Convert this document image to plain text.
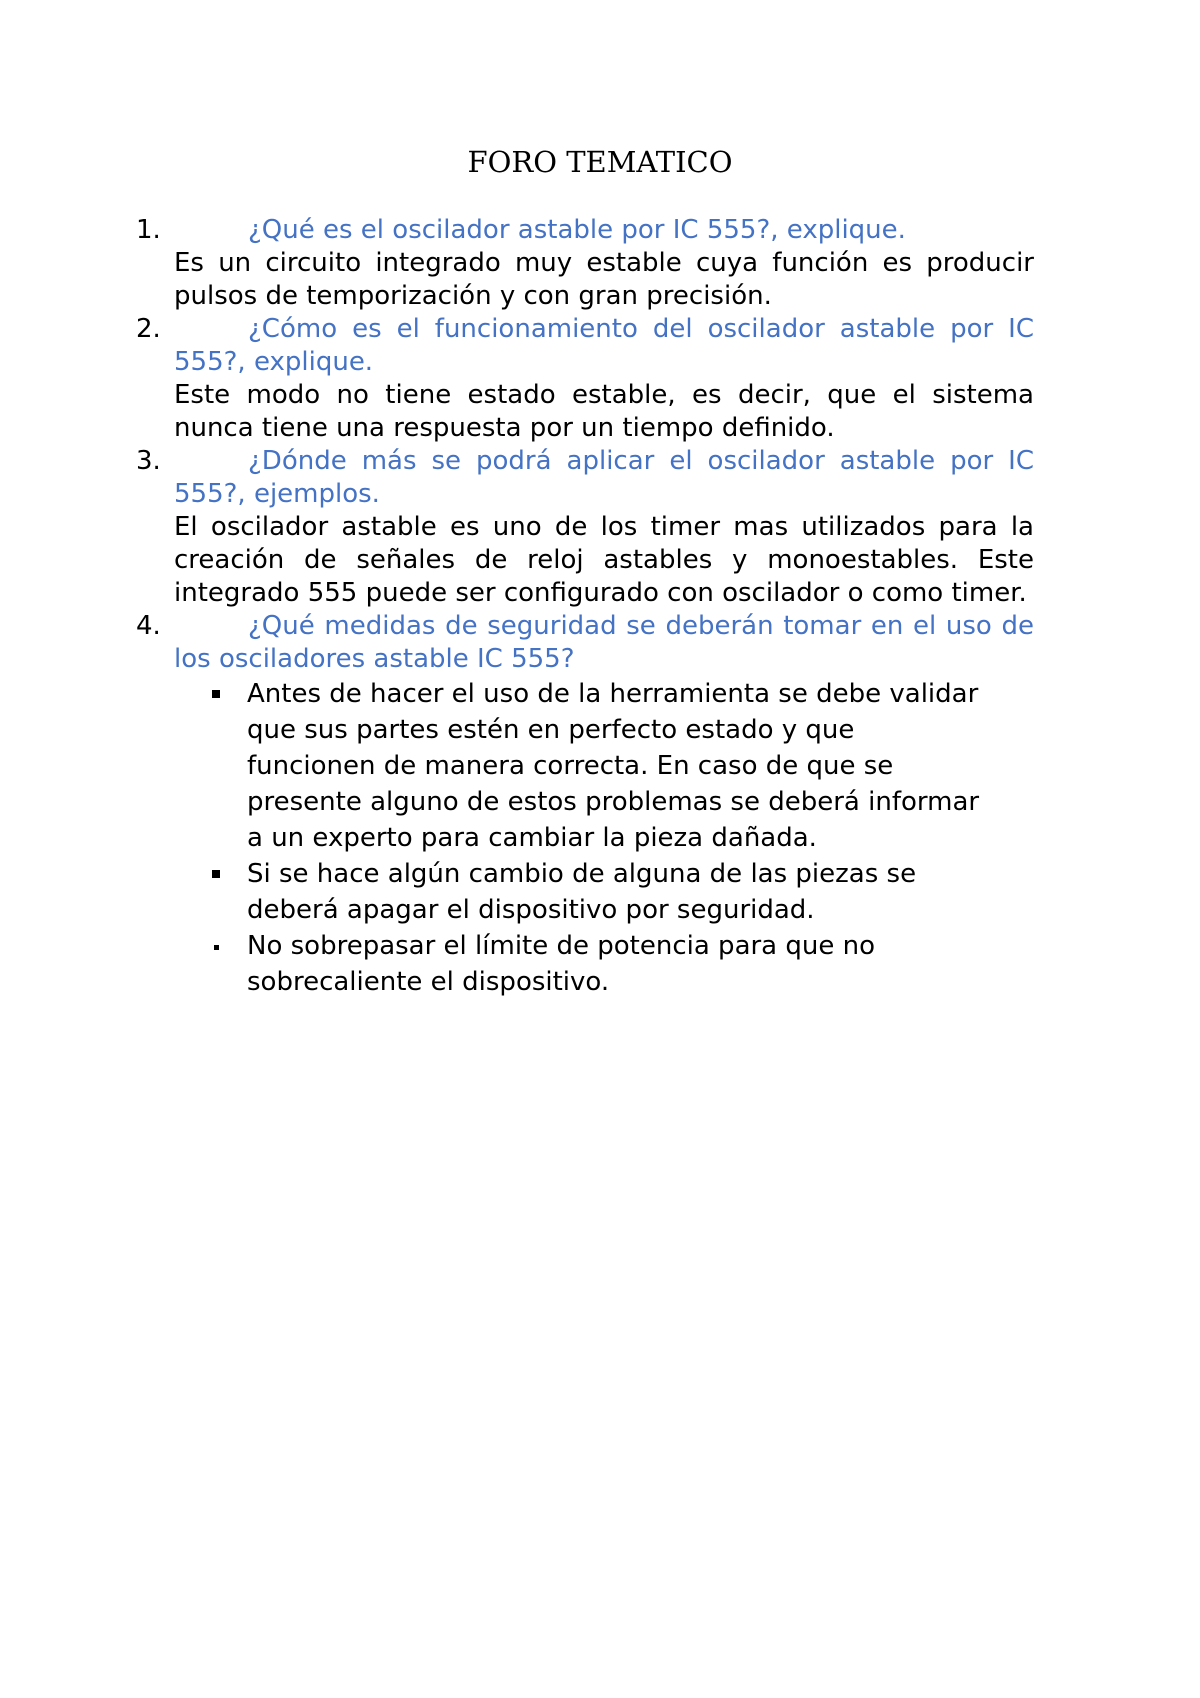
FORO TEMATICO
1.	¿Qué es el oscilador astable por IC 555?, explique.

Es un circuito integrado muy estable cuya función es producir pulsos de temporización y con gran precisión.

2.	¿Cómo es el funcionamiento del oscilador astable por IC 555?, explique.

Este modo no tiene estado estable, es decir, que el sistema nunca tiene una respuesta por un tiempo definido.

3.	¿Dónde más se podrá aplicar el oscilador astable por IC 555?, ejemplos.

El oscilador astable es uno de los timer mas utilizados para la creación de señales de reloj astables y monoestables. Este integrado 555 puede ser configurado con oscilador o como timer.

4.	¿Qué medidas de seguridad se deberán tomar en el uso de los osciladores astable IC 555?

Antes de hacer el uso de la herramienta se debe validar que sus partes estén en perfecto estado y que funcionen de manera correcta. En caso de que se presente alguno de estos problemas se deberá informar a un experto para cambiar la pieza dañada.
Si se hace algún cambio de alguna de las piezas se deberá apagar el dispositivo por seguridad.
No sobrepasar el límite de potencia para que no sobrecaliente el dispositivo.
